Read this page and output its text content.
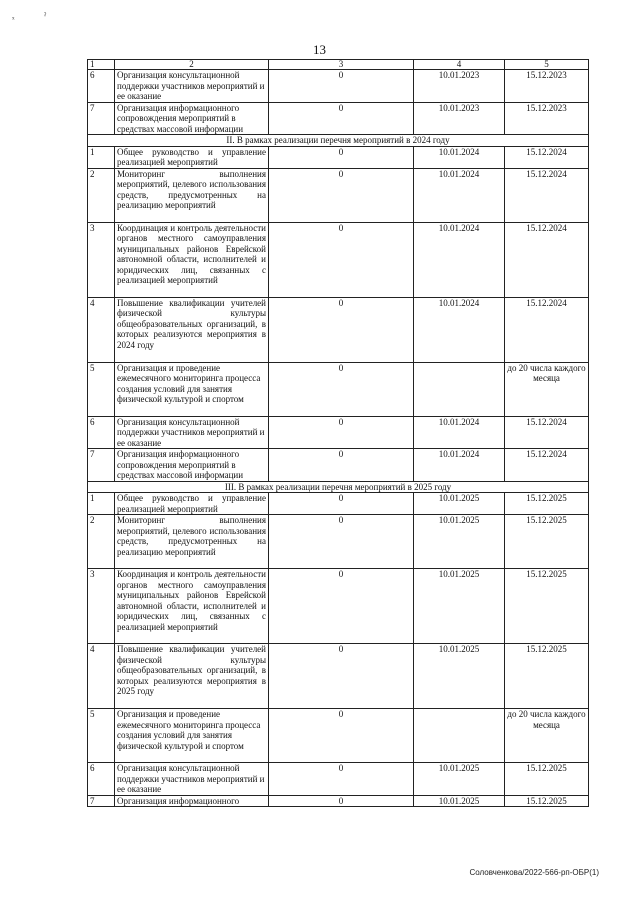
ˣ	ˀ
13
1	2	3	4	5
6	Организация консультационной поддержки участников мероприятий и ее оказание	0	10.01.2023	15.12.2023
7	Организация информационного сопровождения мероприятий в средствах массовой информации	0	10.01.2023	15.12.2023
II. В рамках реализации перечня мероприятий в 2024 году				
1	Общее руководство и управление реализацией мероприятий	0	10.01.2024	15.12.2024
2	Мониторинг выполнения мероприятий, целевого использования средств, предусмотренных на реализацию мероприятий	0	10.01.2024	15.12.2024
3	Координация и контроль деятельности органов местного самоуправления муниципальных районов Еврейской автономной области, исполнителей и юридических лиц, связанных с реализацией мероприятий	0	10.01.2024	15.12.2024
4	Повышение квалификации учителей физической культуры общеобразовательных организаций, в которых реализуются мероприятия в 2024 году	0	10.01.2024	15.12.2024
5	Организация и проведение ежемесячного мониторинга процесса создания условий для занятия физической культурой и спортом	0		до 20 числа каждого месяца
6	Организация консультационной поддержки участников мероприятий и ее оказание	0	10.01.2024	15.12.2024
7	Организация информационного сопровождения мероприятий в средствах массовой информации	0	10.01.2024	15.12.2024
III. В рамках реализации перечня мероприятий в 2025 году				
1	Общее руководство и управление реализацией мероприятий	0	10.01.2025	15.12.2025
2	Мониторинг выполнения мероприятий, целевого использования средств, предусмотренных на реализацию мероприятий	0	10.01.2025	15.12.2025
3	Координация и контроль деятельности органов местного самоуправления муниципальных районов Еврейской автономной области, исполнителей и юридических лиц, связанных с реализацией мероприятий	0	10.01.2025	15.12.2025
4	Повышение квалификации учителей физической культуры общеобразовательных организаций, в которых реализуются мероприятия в 2025 году	0	10.01.2025	15.12.2025
5	Организация и проведение ежемесячного мониторинга процесса создания условий для занятия физической культурой и спортом	0		до 20 числа каждого месяца
6	Организация консультационной поддержки участников мероприятий и ее оказание	0	10.01.2025	15.12.2025
7	Организация информационного	0	10.01.2025	15.12.2025
Соловченкова/2022-566-рп-ОБР(1)
